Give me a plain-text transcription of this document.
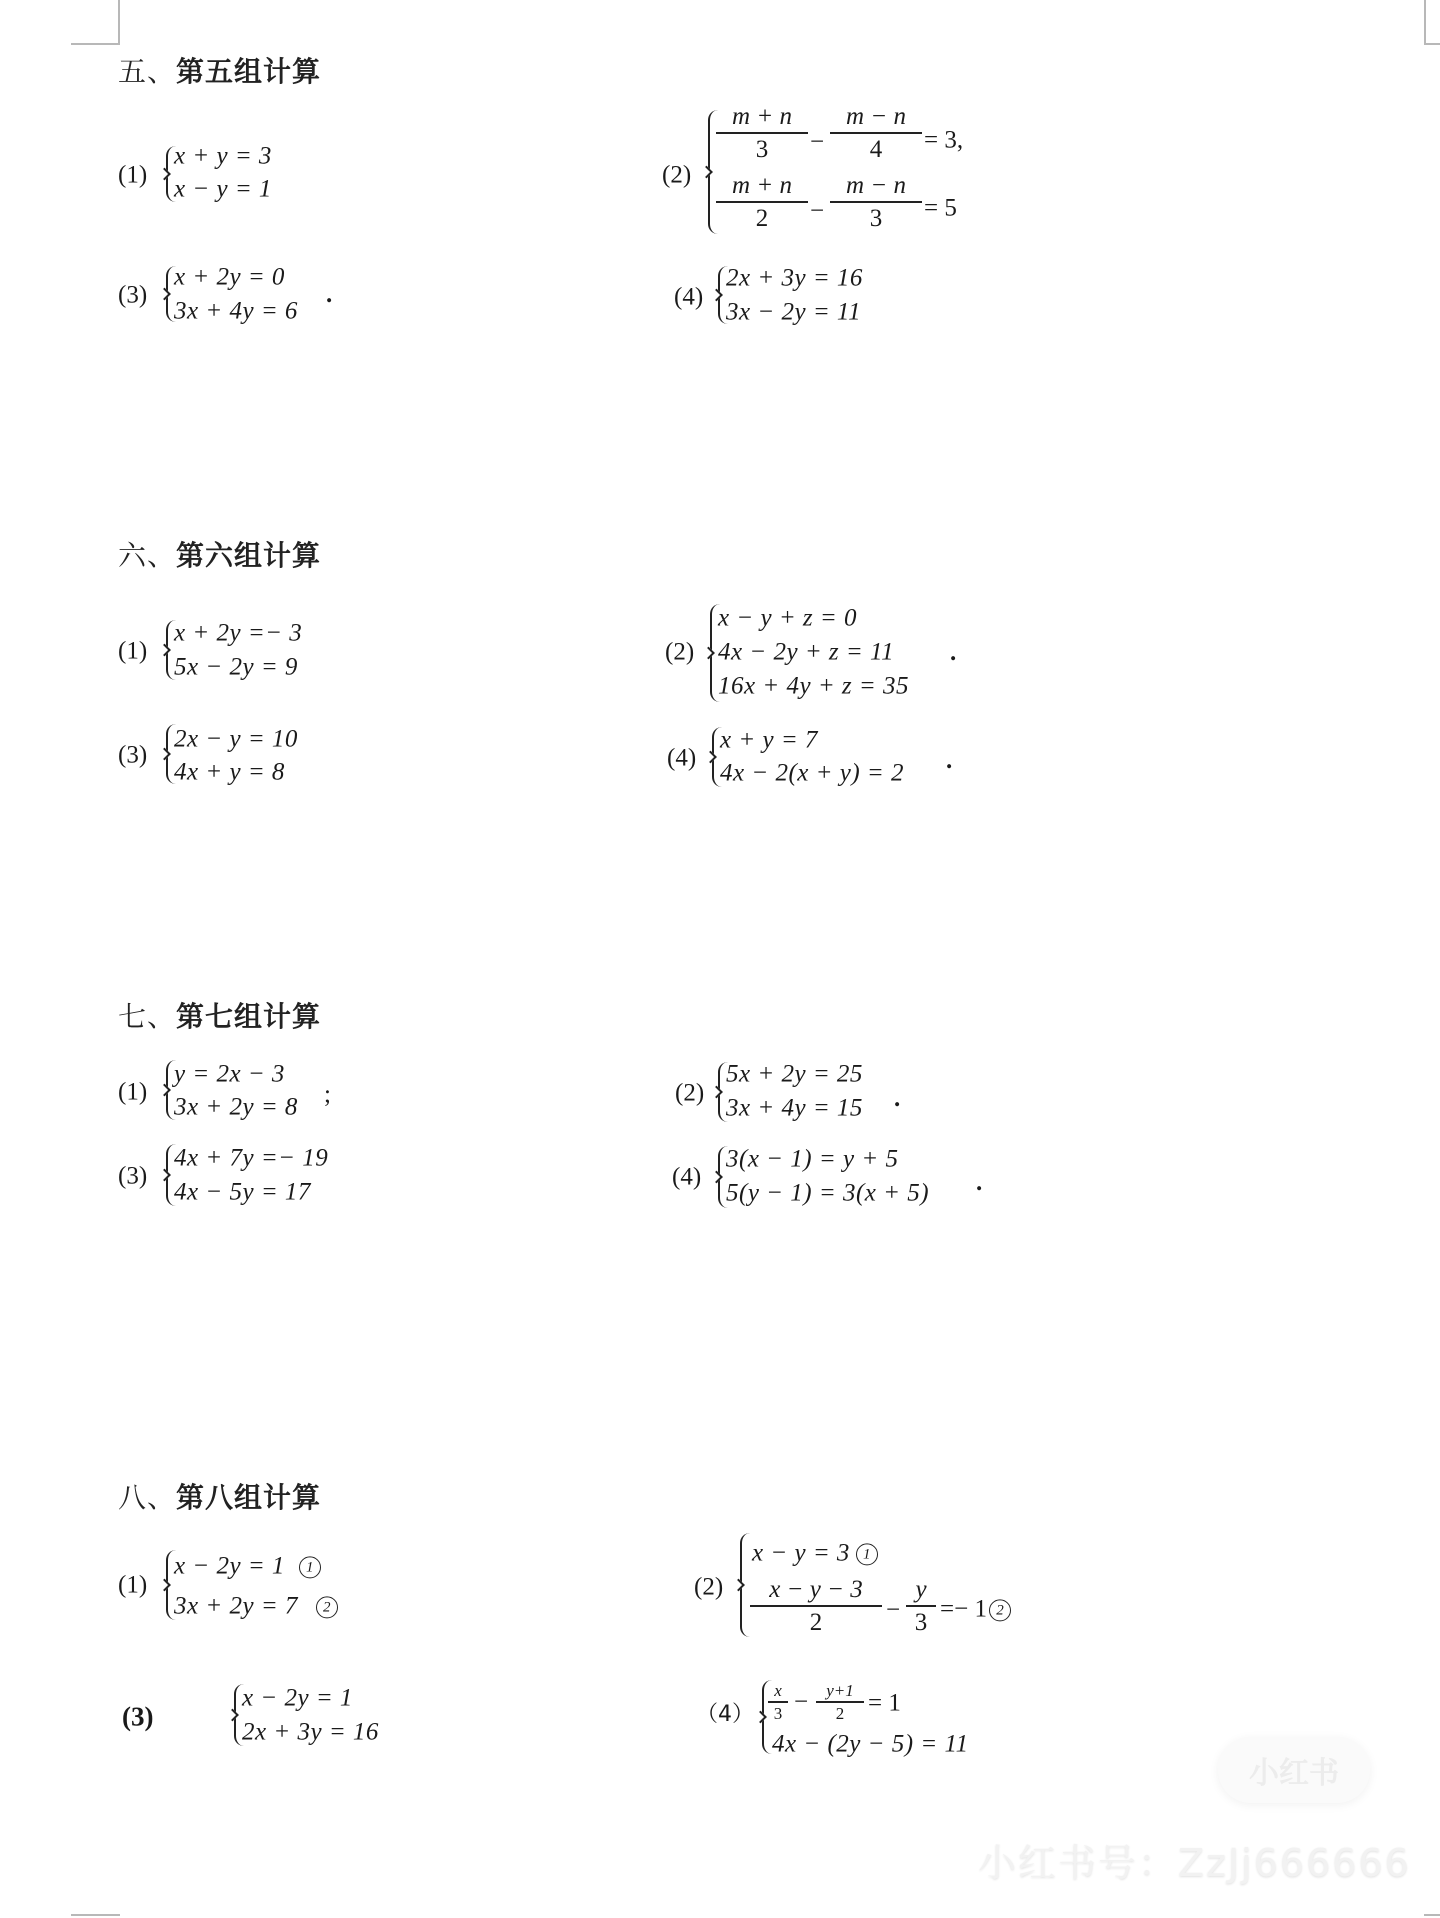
五、第五组计算
(1)
x + y = 3
x − y = 1
(2)
m + n
3 −
m − n
4 = 3,
m + n
2 −
m − n
3 = 5
(3)
x + 2y = 0
3x + 4y = 6
.	(4)
2x + 3y = 16
3x − 2y = 11
六、第六组计算
(1)
x + 2y =− 3
5x − 2y = 9
(2)
x − y + z = 0
4x − 2y + z = 11
16x + 4y + z = 35
.
(3)
2x − y = 10
4x + y = 8
(4)
x + y = 7
4x − 2(x + y) = 2 .
七、第七组计算
(1)
y = 2x − 3
3x + 2y = 8 ;	(2)
5x + 2y = 25
3x + 4y = 15 .
(3)
4x + 7y =− 19
4x − 5y = 17
(4)
3(x − 1) = y + 5
5(y − 1) = 3(x + 5) .
八、第八组计算
(1)
x − 2y = 1 1
3x + 2y = 7 2
(2)
x − y = 3 1
x − y − 3
2	−
y
3
=− 1 2
(3)
x − 2y = 1
2x + 3y = 16
（4）
x
3 − y+1
2 = 1
4x − (2y − 5) = 11
小红书
小红书号：ZzJj666666
